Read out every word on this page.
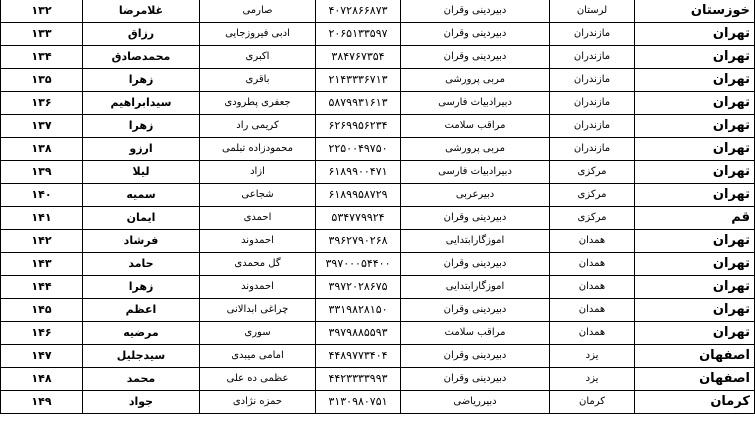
خوزستان	لرستان	دبیردینی وقران	۴۰۷۲۸۶۶۸۷۳	صارمی	غلامرضا	۱۳۲
تهران	مازندران	دبیردینی وقران	۲۰۶۵۱۳۳۵۹۷	ادبی فیروزجایی	رزاق	۱۳۳
تهران	مازندران	دبیردینی وقران	۳۸۴۷۶۷۳۵۴	اکبری	محمدصادق	۱۳۴
تهران	مازندران	مربی پرورشی	۲۱۴۳۳۳۶۷۱۳	باقری	زهرا	۱۳۵
تهران	مازندران	دبیرادبیات فارسی	۵۸۷۹۹۳۱۶۱۳	جعفری پطرودی	سیدابراهیم	۱۳۶
تهران	مازندران	مراقب سلامت	۶۲۶۹۹۵۶۲۳۴	کریمی راد	زهرا	۱۳۷
تهران	مازندران	مربی پرورشی	۲۲۵۰۰۴۹۷۵۰	محمودزاده تبلمی	ارزو	۱۳۸
تهران	مرکزی	دبیرادبیات فارسی	۶۱۸۹۹۰۰۴۷۱	ازاد	لیلا	۱۳۹
تهران	مرکزی	دبیرعربی	۶۱۸۹۹۵۸۷۲۹	شجاعی	سمیه	۱۴۰
قم	مرکزی	دبیردینی وقران	۵۳۴۷۷۹۹۲۴	احمدی	ایمان	۱۴۱
تهران	همدان	اموزگارابتدایی	۳۹۶۲۷۹۰۲۶۸	احمدوند	فرشاد	۱۴۲
تهران	همدان	دبیردینی وقران	۳۹۷۰۰۰۵۴۴۰۰	گل محمدی	حامد	۱۴۳
تهران	همدان	اموزگارابتدایی	۳۹۷۲۰۲۸۶۷۵	احمدوند	زهرا	۱۴۴
تهران	همدان	دبیردینی وقران	۳۳۱۹۸۲۸۱۵۰	چراغی ابدالانی	اعظم	۱۴۵
تهران	همدان	مراقب سلامت	۳۹۷۹۸۸۵۵۹۳	سوری	مرضیه	۱۴۶
اصفهان	یزد	دبیردینی وقران	۴۴۸۹۷۷۳۴۰۴	امامی میبدی	سیدجلیل	۱۴۷
اصفهان	یزد	دبیردینی وقران	۴۴۲۳۳۳۳۹۹۳	عظمی ده علی	محمد	۱۴۸
کرمان	کرمان	دبیرریاضی	۳۱۳۰۹۸۰۷۵۱	حمزه نژادی	جواد	۱۴۹
